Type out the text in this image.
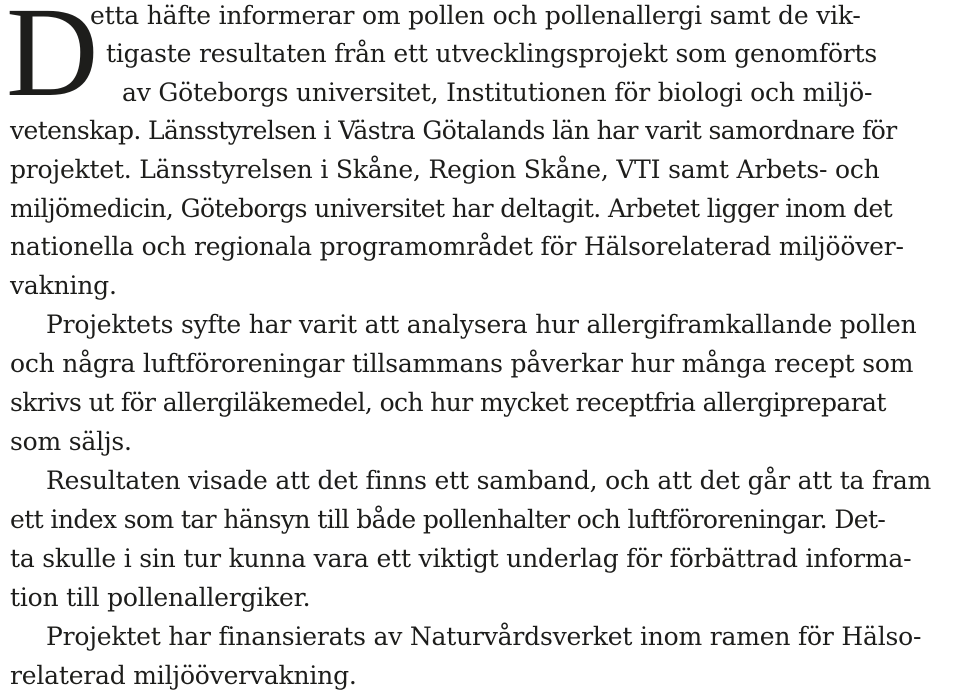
D
etta häfte informerar om pollen och pollenallergi samt de vik-
tigaste resultaten från ett utvecklingsprojekt som genomförts
av Göteborgs universitet, Institutionen för biologi och miljö-
vetenskap. Länsstyrelsen i Västra Götalands län har varit samordnare för
projektet. Länsstyrelsen i Skåne, Region Skåne, VTI samt Arbets- och
miljömedicin, Göteborgs universitet har deltagit. Arbetet ligger inom det
nationella och regionala programområdet för Hälsorelaterad miljööver-
vakning.
Projektets syfte har varit att analysera hur allergiframkallande pollen
och några luftföroreningar tillsammans påverkar hur många recept som
skrivs ut för allergiläkemedel, och hur mycket receptfria allergipreparat
som säljs.
Resultaten visade att det finns ett samband, och att det går att ta fram
ett index som tar hänsyn till både pollenhalter och luftföroreningar. Det-
ta skulle i sin tur kunna vara ett viktigt underlag för förbättrad informa-
tion till pollenallergiker.
Projektet har finansierats av Naturvårdsverket inom ramen för Hälso-
relaterad miljöövervakning.
